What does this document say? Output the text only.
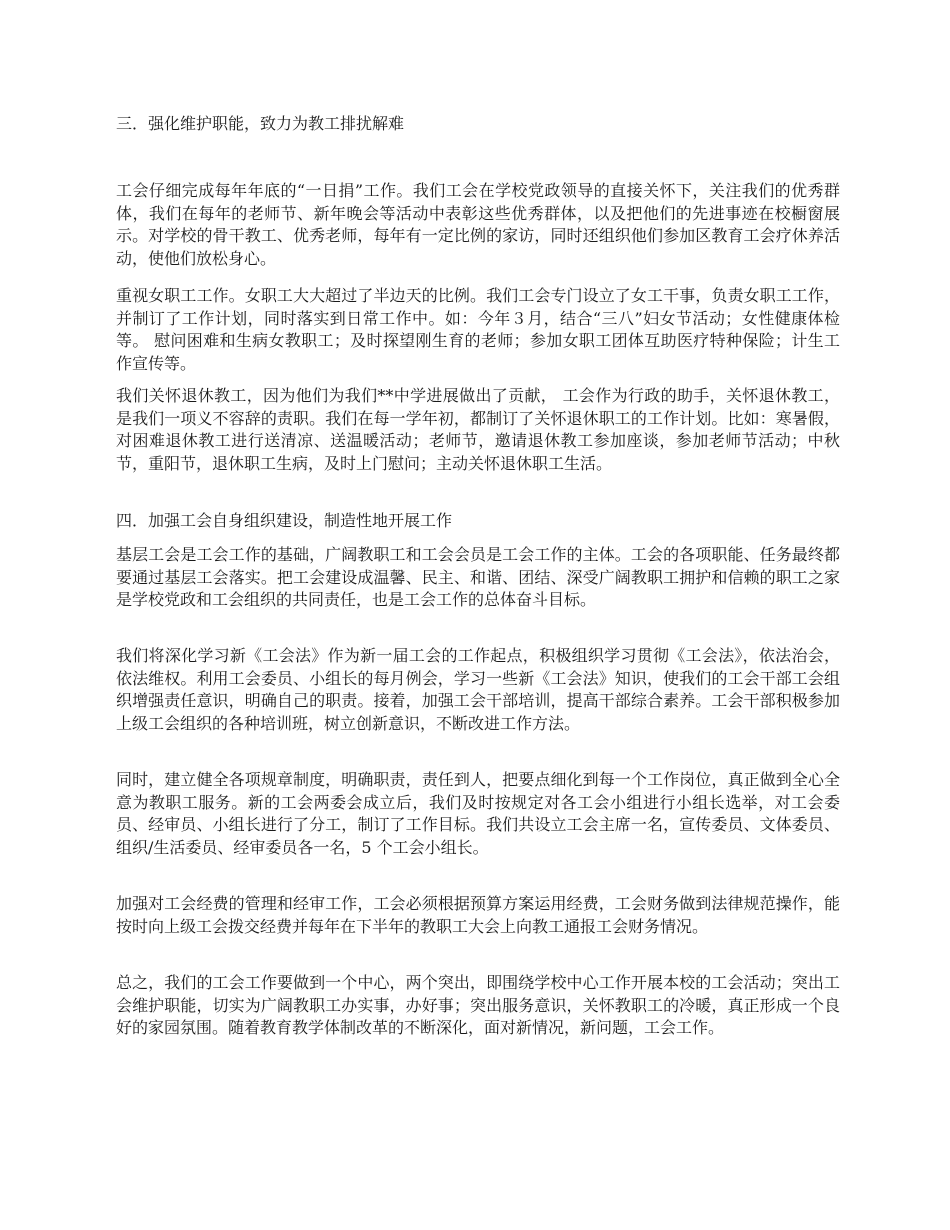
三．强化维护职能，致力为教工排扰解难

工会仔细完成每年年底的“一日捐”工作。我们工会在学校党政领导的直接关怀下，关注我们的优秀群体，我们在每年的老师节、新年晚会等活动中表彰这些优秀群体，以及把他们的先进事迹在校橱窗展示。对学校的骨干教工、优秀老师，每年有一定比例的家访，同时还组织他们参加区教育工会疗休养活动，使他们放松身心。

重视女职工工作。女职工大大超过了半边天的比例。我们工会专门设立了女工干事，负责女职工工作，并制订了工作计划，同时落实到日常工作中。如：今年３月，结合“三八”妇女节活动；女性健康体检等。 慰问困难和生病女教职工；及时探望刚生育的老师；参加女职工团体互助医疗特种保险；计生工作宣传等。

我们关怀退休教工，因为他们为我们**中学进展做出了贡献， 工会作为行政的助手，关怀退休教工，是我们一项义不容辞的责职。我们在每一学年初，都制订了关怀退休职工的工作计划。比如：寒暑假，对困难退休教工进行送清凉、送温暖活动；老师节，邀请退休教工参加座谈，参加老师节活动；中秋节，重阳节，退休职工生病，及时上门慰问；主动关怀退休职工生活。

四．加强工会自身组织建设，制造性地开展工作

基层工会是工会工作的基础，广阔教职工和工会会员是工会工作的主体。工会的各项职能、任务最终都要通过基层工会落实。把工会建设成温馨、民主、和谐、团结、深受广阔教职工拥护和信赖的职工之家是学校党政和工会组织的共同责任，也是工会工作的总体奋斗目标。

我们将深化学习新《工会法》作为新一届工会的工作起点，积极组织学习贯彻《工会法》，依法治会，依法维权。利用工会委员、小组长的每月例会，学习一些新《工会法》知识，使我们的工会干部工会组织增强责任意识，明确自己的职责。接着，加强工会干部培训，提高干部综合素养。工会干部积极参加上级工会组织的各种培训班，树立创新意识，不断改进工作方法。

同时，建立健全各项规章制度，明确职责，责任到人，把要点细化到每一个工作岗位，真正做到全心全意为教职工服务。新的工会两委会成立后，我们及时按规定对各工会小组进行小组长选举，对工会委员、经审员、小组长进行了分工，制订了工作目标。我们共设立工会主席一名，宣传委员、文体委员、组织/生活委员、经审委员各一名，5 个工会小组长。

加强对工会经费的管理和经审工作，工会必须根据预算方案运用经费，工会财务做到法律规范操作，能按时向上级工会拨交经费并每年在下半年的教职工大会上向教工通报工会财务情况。

总之，我们的工会工作要做到一个中心，两个突出，即围绕学校中心工作开展本校的工会活动；突出工会维护职能，切实为广阔教职工办实事，办好事；突出服务意识，关怀教职工的冷暖，真正形成一个良好的家园氛围。随着教育教学体制改革的不断深化，面对新情况，新问题，工会工作。
